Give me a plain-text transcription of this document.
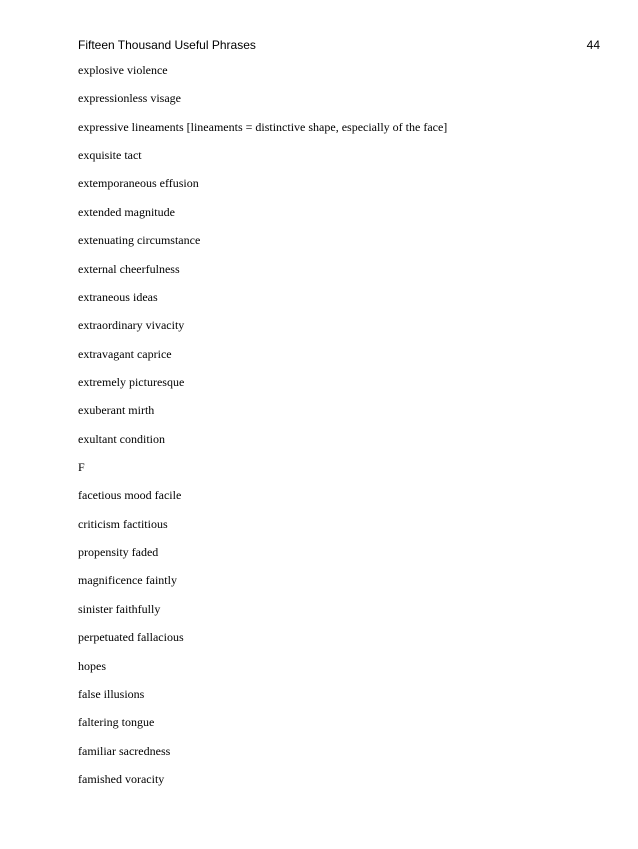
Fifteen Thousand Useful Phrases	44
explosive violence
expressionless visage
expressive lineaments [lineaments = distinctive shape, especially of the face]
exquisite tact
extemporaneous effusion
extended magnitude
extenuating circumstance
external cheerfulness
extraneous ideas
extraordinary vivacity
extravagant caprice
extremely picturesque
exuberant mirth
exultant condition
F
facetious mood facile
criticism factitious
propensity faded
magnificence faintly
sinister faithfully
perpetuated fallacious
hopes
false illusions
faltering tongue
familiar sacredness
famished voracity
